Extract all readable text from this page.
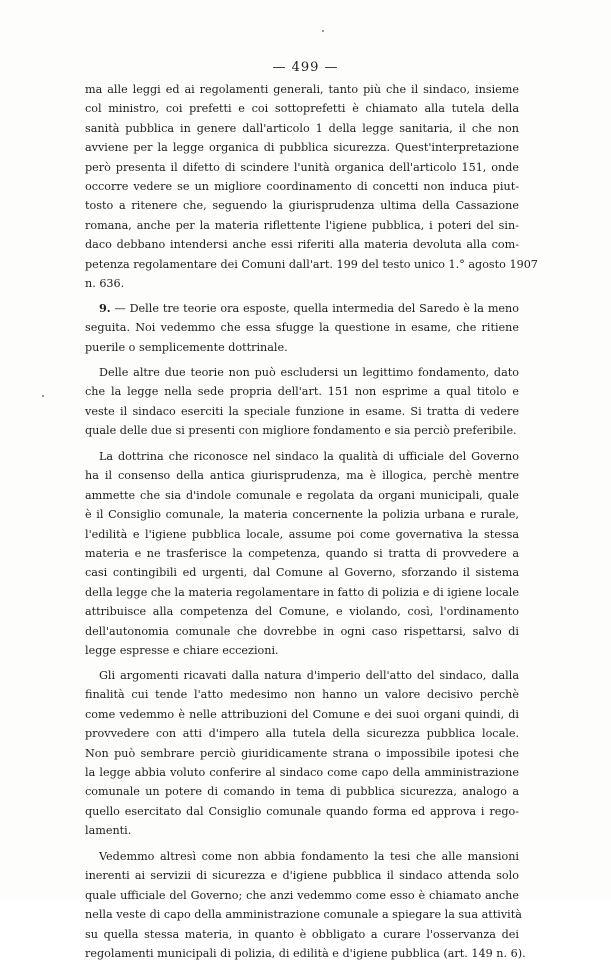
— 499 —
ma alle leggi ed ai regolamenti generali, tanto più che il sindaco, insieme
col ministro, coi prefetti e coi sottoprefetti è chiamato alla tutela della
sanità pubblica in genere dall'articolo 1 della legge sanitaria, il che non
avviene per la legge organica di pubblica sicurezza. Quest'interpretazione
però presenta il difetto di scindere l'unità organica dell'articolo 151, onde
occorre vedere se un migliore coordinamento di concetti non induca piut-
tosto a ritenere che, seguendo la giurisprudenza ultima della Cassazione
romana, anche per la materia riflettente l'igiene pubblica, i poteri del sin-
daco debbano intendersi anche essi riferiti alla materia devoluta alla com-
petenza regolamentare dei Comuni dall'art. 199 del testo unico 1.° agosto 1907
n. 636.
9. — Delle tre teorie ora esposte, quella intermedia del Saredo è la meno
seguita. Noi vedemmo che essa sfugge la questione in esame, che ritiene
puerile o semplicemente dottrinale.
Delle altre due teorie non può escludersi un legittimo fondamento, dato
che la legge nella sede propria dell'art. 151 non esprime a qual titolo e
veste il sindaco eserciti la speciale funzione in esame. Si tratta di vedere
quale delle due si presenti con migliore fondamento e sia perciò preferibile.
La dottrina che riconosce nel sindaco la qualità di ufficiale del Governo
ha il consenso della antica giurisprudenza, ma è illogica, perchè mentre
ammette che sia d'indole comunale e regolata da organi municipali, quale
è il Consiglio comunale, la materia concernente la polizia urbana e rurale,
l'edilità e l'igiene pubblica locale, assume poi come governativa la stessa
materia e ne trasferisce la competenza, quando si tratta di provvedere a
casi contingibili ed urgenti, dal Comune al Governo, sforzando il sistema
della legge che la materia regolamentare in fatto di polizia e di igiene locale
attribuisce alla competenza del Comune, e violando, così, l'ordinamento
dell'autonomia comunale che dovrebbe in ogni caso rispettarsi, salvo di
legge espresse e chiare eccezioni.
Gli argomenti ricavati dalla natura d'imperio dell'atto del sindaco, dalla
finalità cui tende l'atto medesimo non hanno un valore decisivo perchè
come vedemmo è nelle attribuzioni del Comune e dei suoi organi quindi, di
provvedere con atti d'impero alla tutela della sicurezza pubblica locale.
Non può sembrare perciò giuridicamente strana o impossibile ipotesi che
la legge abbia voluto conferire al sindaco come capo della amministrazione
comunale un potere di comando in tema di pubblica sicurezza, analogo a
quello esercitato dal Consiglio comunale quando forma ed approva i rego-
lamenti.
Vedemmo altresì come non abbia fondamento la tesi che alle mansioni
inerenti ai servizii di sicurezza e d'igiene pubblica il sindaco attenda solo
quale ufficiale del Governo; che anzi vedemmo come esso è chiamato anche
nella veste di capo della amministrazione comunale a spiegare la sua attività
su quella stessa materia, in quanto è obbligato a curare l'osservanza dei
regolamenti municipali di polizia, di edilità e d'igiene pubblica (art. 149 n. 6).
